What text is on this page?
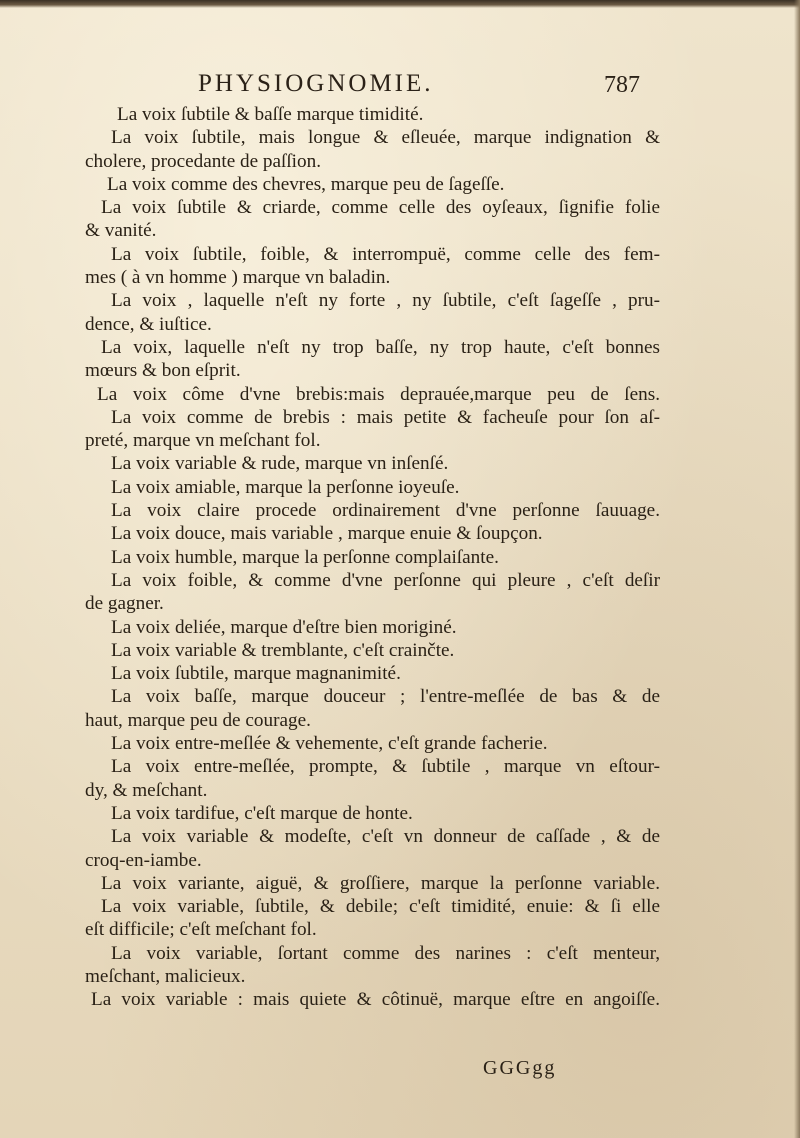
PHYSIOGNOMIE.	787
La voix ſubtile & baſſe marque timidité.
La voix ſubtile, mais longue & eſleuée, marque indignation &
cholere, procedante de paſſion.
La voix comme des chevres, marque peu de ſageſſe.
La voix ſubtile & criarde, comme celle des oyſeaux, ſignifie folie
& vanité.
La voix ſubtile, foible, & interrompuë, comme celle des fem-
mes ( à vn homme ) marque vn baladin.
La voix , laquelle n'eſt ny forte , ny ſubtile, c'eſt ſageſſe , pru-
dence, & iuſtice.
La voix, laquelle n'eſt ny trop baſſe, ny trop haute, c'eſt bonnes
mœurs & bon eſprit.
La voix côme d'vne brebis:mais deprauée,marque peu de ſens.
La voix comme de brebis : mais petite & facheuſe pour ſon aſ-
preté, marque vn meſchant fol.
La voix variable & rude, marque vn inſenſé.
La voix amiable, marque la perſonne ioyeuſe.
La voix claire procede ordinairement d'vne perſonne ſauuage.
La voix douce, mais variable , marque enuie & ſoupçon.
La voix humble, marque la perſonne complaiſante.
La voix foible, & comme d'vne perſonne qui pleure , c'eſt deſir
de gagner.
La voix deliée, marque d'eſtre bien moriginé.
La voix variable & tremblante, c'eſt crainčte.
La voix ſubtile, marque magnanimité.
La voix baſſe, marque douceur ; l'entre-meſlée de bas & de
haut, marque peu de courage.
La voix entre-meſlée & vehemente, c'eſt grande facherie.
La voix entre-meſlée, prompte, & ſubtile , marque vn eſtour-
dy, & meſchant.
La voix tardifue, c'eſt marque de honte.
La voix variable & modeſte, c'eſt vn donneur de caſſade , & de
croq-en-iambe.
La voix variante, aiguë, & groſſiere, marque la perſonne variable.
La voix variable, ſubtile, & debile; c'eſt timidité, enuie: & ſi elle
eſt difficile; c'eſt meſchant fol.
La voix variable, ſortant comme des narines : c'eſt menteur,
meſchant, malicieux.
La voix variable : mais quiete & côtinuë, marque eſtre en angoiſſe.
GGGgg
